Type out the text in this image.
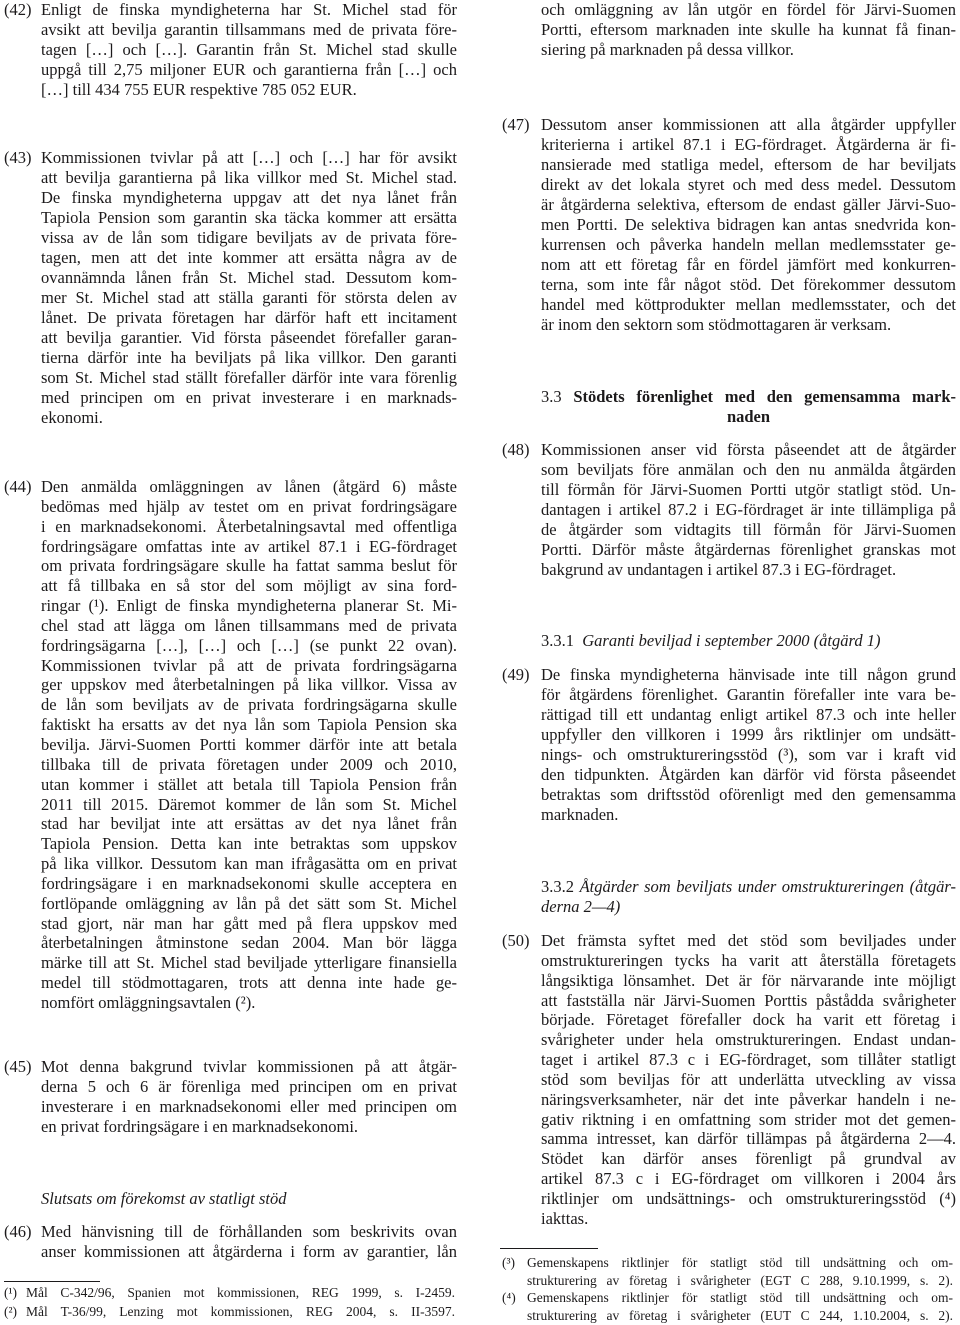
(42) Enligt de finska myndigheterna har St. Michel stad för
avsikt att bevilja garantin tillsammans med de privata före-
tagen […] och […]. Garantin från St. Michel stad skulle
uppgå till 2,75 miljoner EUR och garantierna från […] och
[…] till 434 755 EUR respektive 785 052 EUR.
(43) Kommissionen tvivlar på att […] och […] har för avsikt
att bevilja garantierna på lika villkor med St. Michel stad.
De finska myndigheterna uppgav att det nya lånet från
Tapiola Pension som garantin ska täcka kommer att ersätta
vissa av de lån som tidigare beviljats av de privata före-
tagen, men att det inte kommer att ersätta några av de
ovannämnda lånen från St. Michel stad. Dessutom kom-
mer St. Michel stad att ställa garanti för största delen av
lånet. De privata företagen har därför haft ett incitament
att bevilja garantier. Vid första påseendet förefaller garan-
tierna därför inte ha beviljats på lika villkor. Den garanti
som St. Michel stad ställt förefaller därför inte vara förenlig
med principen om en privat investerare i en marknads-
ekonomi.
(44) Den anmälda omläggningen av lånen (åtgärd 6) måste
bedömas med hjälp av testet om en privat fordringsägare
i en marknadsekonomi. Återbetalningsavtal med offentliga
fordringsägare omfattas inte av artikel 87.1 i EG-fördraget
om privata fordringsägare skulle ha fattat samma beslut för
att få tillbaka en så stor del som möjligt av sina ford-
ringar (¹). Enligt de finska myndigheterna planerar St. Mi-
chel stad att lägga om lånen tillsammans med de privata
fordringsägarna […], […] och […] (se punkt 22 ovan).
Kommissionen tvivlar på att de privata fordringsägarna
ger uppskov med återbetalningen på lika villkor. Vissa av
de lån som beviljats av de privata fordringsägarna skulle
faktiskt ha ersatts av det nya lån som Tapiola Pension ska
bevilja. Järvi-Suomen Portti kommer därför inte att betala
tillbaka till de privata företagen under 2009 och 2010,
utan kommer i stället att betala till Tapiola Pension från
2011 till 2015. Däremot kommer de lån som St. Michel
stad har beviljat inte att ersättas av det nya lånet från
Tapiola Pension. Detta kan inte betraktas som uppskov
på lika villkor. Dessutom kan man ifrågasätta om en privat
fordringsägare i en marknadsekonomi skulle acceptera en
fortlöpande omläggning av lån på det sätt som St. Michel
stad gjort, när man har gått med på flera uppskov med
återbetalningen åtminstone sedan 2004. Man bör lägga
märke till att St. Michel stad beviljade ytterligare finansiella
medel till stödmottagaren, trots att denna inte hade ge-
nomfört omläggningsavtalen (²).
(45) Mot denna bakgrund tvivlar kommissionen på att åtgär-
derna 5 och 6 är förenliga med principen om en privat
investerare i en marknadsekonomi eller med principen om
en privat fordringsägare i en marknadsekonomi.
Slutsats om förekomst av statligt stöd
(46) Med hänvisning till de förhållanden som beskrivits ovan
anser kommissionen att åtgärderna i form av garantier, lån
(¹) Mål C-342/96, Spanien mot kommissionen, REG 1999, s. I-2459.
(²) Mål T-36/99, Lenzing mot kommissionen, REG 2004, s. II-3597.
och omläggning av lån utgör en fördel för Järvi-Suomen
Portti, eftersom marknaden inte skulle ha kunnat få finan-
siering på marknaden på dessa villkor.
(47) Dessutom anser kommissionen att alla åtgärder uppfyller
kriterierna i artikel 87.1 i EG-fördraget. Åtgärderna är fi-
nansierade med statliga medel, eftersom de har beviljats
direkt av det lokala styret och med dess medel. Dessutom
är åtgärderna selektiva, eftersom de endast gäller Järvi-Suo-
men Portti. De selektiva bidragen kan antas snedvrida kon-
kurrensen och påverka handeln mellan medlemsstater ge-
nom att ett företag får en fördel jämfört med konkurren-
terna, som inte får något stöd. Det förekommer dessutom
handel med köttprodukter mellan medlemsstater, och det
är inom den sektorn som stödmottagaren är verksam.
3.3 Stödets förenlighet med den gemensamma mark-
naden
(48) Kommissionen anser vid första påseendet att de åtgärder
som beviljats före anmälan och den nu anmälda åtgärden
till förmån för Järvi-Suomen Portti utgör statligt stöd. Un-
dantagen i artikel 87.2 i EG-fördraget är inte tillämpliga på
de åtgärder som vidtagits till förmån för Järvi-Suomen
Portti. Därför måste åtgärdernas förenlighet granskas mot
bakgrund av undantagen i artikel 87.3 i EG-fördraget.
3.3.1 Garanti beviljad i september 2000 (åtgärd 1)
(49) De finska myndigheterna hänvisade inte till någon grund
för åtgärdens förenlighet. Garantin förefaller inte vara be-
rättigad till ett undantag enligt artikel 87.3 och inte heller
uppfyller den villkoren i 1999 års riktlinjer om undsätt-
nings- och omstruktureringsstöd (³), som var i kraft vid
den tidpunkten. Åtgärden kan därför vid första påseendet
betraktas som driftsstöd oförenligt med den gemensamma
marknaden.
3.3.2 Åtgärder som beviljats under omstruktureringen (åtgär-
derna 2—4)
(50) Det främsta syftet med det stöd som beviljades under
omstruktureringen tycks ha varit att återställa företagets
långsiktiga lönsamhet. Det är för närvarande inte möjligt
att fastställa när Järvi-Suomen Porttis påstådda svårigheter
började. Företaget förefaller dock ha varit ett företag i
svårigheter under hela omstruktureringen. Endast undan-
taget i artikel 87.3 c i EG-fördraget, som tillåter statligt
stöd som beviljas för att underlätta utveckling av vissa
näringsverksamheter, när det inte påverkar handeln i ne-
gativ riktning i en omfattning som strider mot det gemen-
samma intresset, kan därför tillämpas på åtgärderna 2—4.
Stödet kan därför anses förenligt på grundval av
artikel 87.3 c i EG-fördraget om villkoren i 2004 års
riktlinjer om undsättnings- och omstruktureringsstöd (⁴)
iakttas.
(³) Gemenskapens riktlinjer för statligt stöd till undsättning och om-
strukturering av företag i svårigheter (EGT C 288, 9.10.1999, s. 2).
(⁴) Gemenskapens riktlinjer för statligt stöd till undsättning och om-
strukturering av företag i svårigheter (EUT C 244, 1.10.2004, s. 2).
